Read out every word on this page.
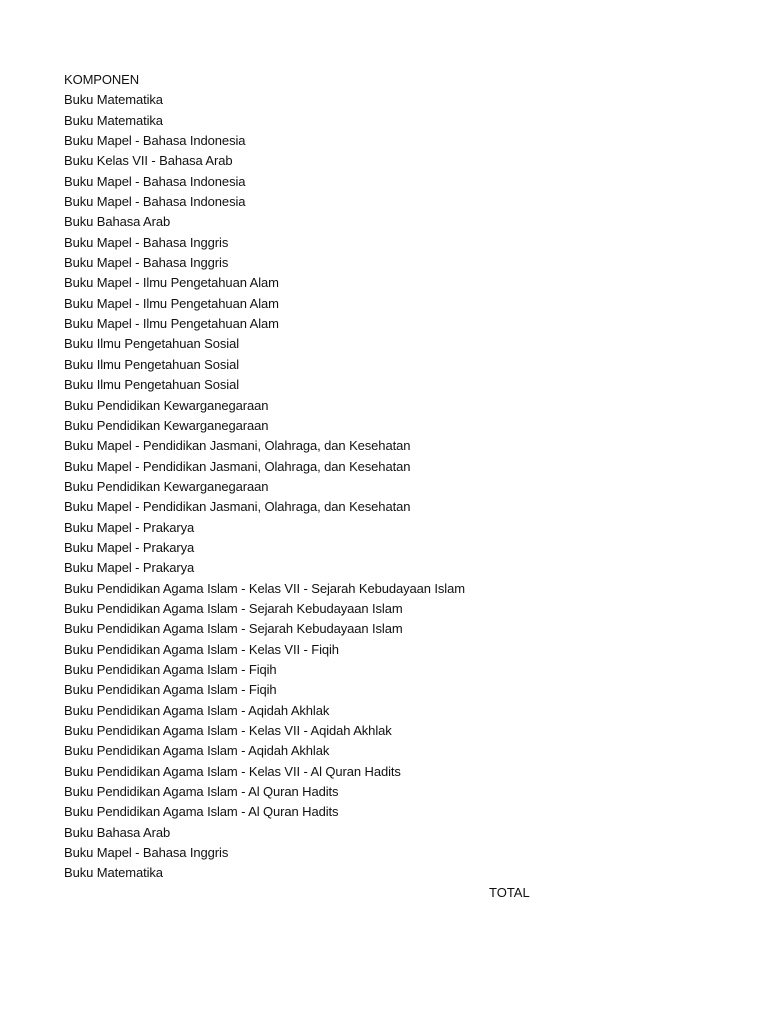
KOMPONEN
Buku Matematika
Buku Matematika
Buku Mapel - Bahasa Indonesia
Buku Kelas VII - Bahasa Arab
Buku Mapel - Bahasa Indonesia
Buku Mapel - Bahasa Indonesia
Buku Bahasa Arab
Buku Mapel - Bahasa Inggris
Buku Mapel - Bahasa Inggris
Buku Mapel - Ilmu Pengetahuan Alam
Buku Mapel - Ilmu Pengetahuan Alam
Buku Mapel - Ilmu Pengetahuan Alam
Buku Ilmu Pengetahuan Sosial
Buku Ilmu Pengetahuan Sosial
Buku Ilmu Pengetahuan Sosial
Buku Pendidikan Kewarganegaraan
Buku Pendidikan Kewarganegaraan
Buku Mapel - Pendidikan Jasmani, Olahraga, dan Kesehatan
Buku Mapel - Pendidikan Jasmani, Olahraga, dan Kesehatan
Buku Pendidikan Kewarganegaraan
Buku Mapel - Pendidikan Jasmani, Olahraga, dan Kesehatan
Buku Mapel - Prakarya
Buku Mapel - Prakarya
Buku Mapel - Prakarya
Buku Pendidikan Agama Islam - Kelas VII - Sejarah Kebudayaan Islam
Buku Pendidikan Agama Islam - Sejarah Kebudayaan Islam
Buku Pendidikan Agama Islam - Sejarah Kebudayaan Islam
Buku Pendidikan Agama Islam - Kelas VII - Fiqih
Buku Pendidikan Agama Islam - Fiqih
Buku Pendidikan Agama Islam - Fiqih
Buku Pendidikan Agama Islam - Aqidah Akhlak
Buku Pendidikan Agama Islam - Kelas VII - Aqidah Akhlak
Buku Pendidikan Agama Islam - Aqidah Akhlak
Buku Pendidikan Agama Islam - Kelas VII - Al Quran Hadits
Buku Pendidikan Agama Islam - Al Quran Hadits
Buku Pendidikan Agama Islam - Al Quran Hadits
Buku Bahasa Arab
Buku Mapel - Bahasa Inggris
Buku Matematika
TOTAL
